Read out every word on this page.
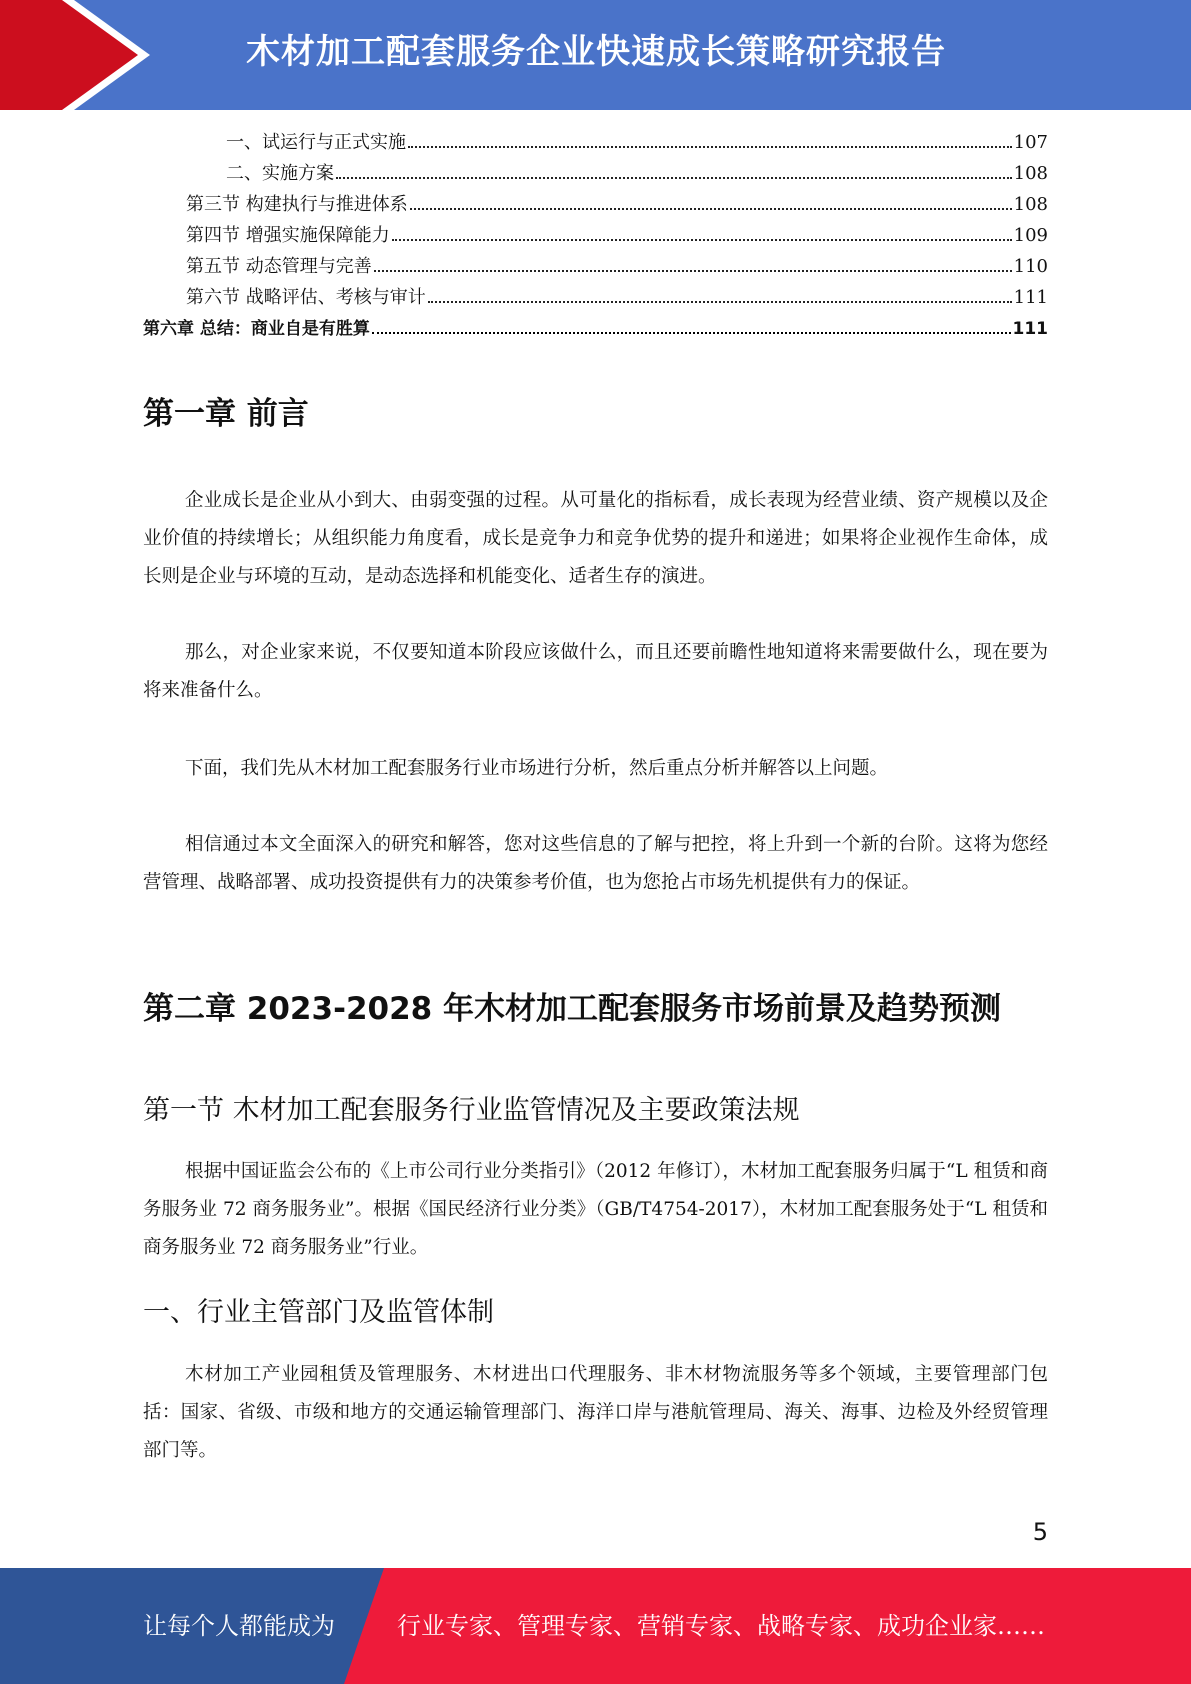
木材加工配套服务企业快速成长策略研究报告
一、试运行与正式实施	107
二、实施方案	108
第三节 构建执行与推进体系	108
第四节 增强实施保障能力	109
第五节 动态管理与完善	110
第六节 战略评估、考核与审计	111
第六章 总结：商业自是有胜算	111
第一章 前言
企业成长是企业从小到大、由弱变强的过程。从可量化的指标看，成长表现为经营业绩、资产规模以及企业价值的持续增长；从组织能力角度看，成长是竞争力和竞争优势的提升和递进；如果将企业视作生命体，成长则是企业与环境的互动，是动态选择和机能变化、适者生存的演进。
那么，对企业家来说，不仅要知道本阶段应该做什么，而且还要前瞻性地知道将来需要做什么，现在要为将来准备什么。
下面，我们先从木材加工配套服务行业市场进行分析，然后重点分析并解答以上问题。
相信通过本文全面深入的研究和解答，您对这些信息的了解与把控，将上升到一个新的台阶。这将为您经营管理、战略部署、成功投资提供有力的决策参考价值，也为您抢占市场先机提供有力的保证。
第二章 2023-2028 年木材加工配套服务市场前景及趋势预测
第一节 木材加工配套服务行业监管情况及主要政策法规
根据中国证监会公布的《上市公司行业分类指引》（2012 年修订），木材加工配套服务归属于“L 租赁和商务服务业 72 商务服务业”。根据《国民经济行业分类》（GB/T4754-2017），木材加工配套服务处于“L 租赁和商务服务业 72 商务服务业”行业。
一、行业主管部门及监管体制
木材加工产业园租赁及管理服务、木材进出口代理服务、非木材物流服务等多个领域，主要管理部门包括：国家、省级、市级和地方的交通运输管理部门、海洋口岸与港航管理局、海关、海事、边检及外经贸管理部门等。
5
让每个人都能成为	行业专家、管理专家、营销专家、战略专家、成功企业家……
